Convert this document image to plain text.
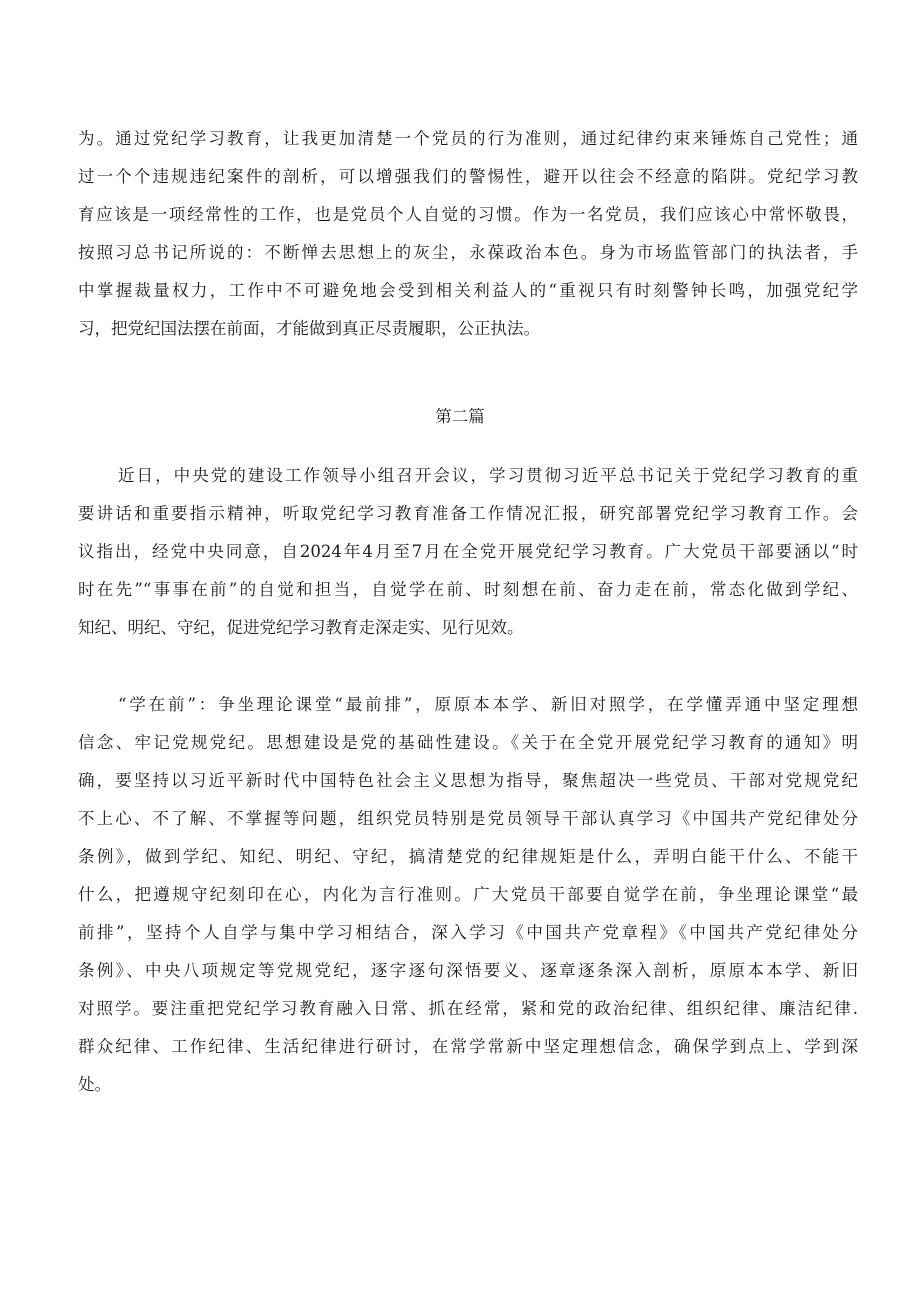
为。通过党纪学习教育，让我更加清楚一个党员的行为准则，通过纪律约束来锤炼自己党性；通
过一个个违规违纪案件的剖析，可以增强我们的警惕性，避开以往会不经意的陷阱。党纪学习教
育应该是一项经常性的工作，也是党员个人自觉的习惯。作为一名党员，我们应该心中常怀敬畏，
按照习总书记所说的：不断惮去思想上的灰尘，永葆政治本色。身为市场监管部门的执法者，手
中掌握裁量权力，工作中不可避免地会受到相关利益人的“重视只有时刻警钟长鸣，加强党纪学
习，把党纪国法摆在前面，才能做到真正尽责履职，公正执法。
第二篇
近日，中央党的建设工作领导小组召开会议，学习贯彻习近平总书记关于党纪学习教育的重
要讲话和重要指示精神，听取党纪学习教育准备工作情况汇报，研究部署党纪学习教育工作。会
议指出，经党中央同意，自2024年4月至7月在全党开展党纪学习教育。广大党员干部要涵以“时
时在先”“事事在前”的自觉和担当，自觉学在前、时刻想在前、奋力走在前，常态化做到学纪、
知纪、明纪、守纪，促进党纪学习教育走深走实、见行见效。
“学在前”：争坐理论课堂“最前排”，原原本本学、新旧对照学，在学懂弄通中坚定理想
信念、牢记党规党纪。思想建设是党的基础性建设。《关于在全党开展党纪学习教育的通知》明
确，要坚持以习近平新时代中国特色社会主义思想为指导，聚焦超决一些党员、干部对党规党纪
不上心、不了解、不掌握等问题，组织党员特别是党员领导干部认真学习《中国共产党纪律处分
条例》，做到学纪、知纪、明纪、守纪，搞清楚党的纪律规矩是什么，弄明白能干什么、不能干
什么，把遵规守纪刻印在心，内化为言行准则。广大党员干部要自觉学在前，争坐理论课堂“最
前排”，坚持个人自学与集中学习相结合，深入学习《中国共产党章程》《中国共产党纪律处分
条例》、中央八项规定等党规党纪，逐字逐句深悟要义、逐章逐条深入剖析，原原本本学、新旧
对照学。要注重把党纪学习教育融入日常、抓在经常，紧和党的政治纪律、组织纪律、廉洁纪律.
群众纪律、工作纪律、生活纪律进行研讨，在常学常新中坚定理想信念，确保学到点上、学到深
处。
